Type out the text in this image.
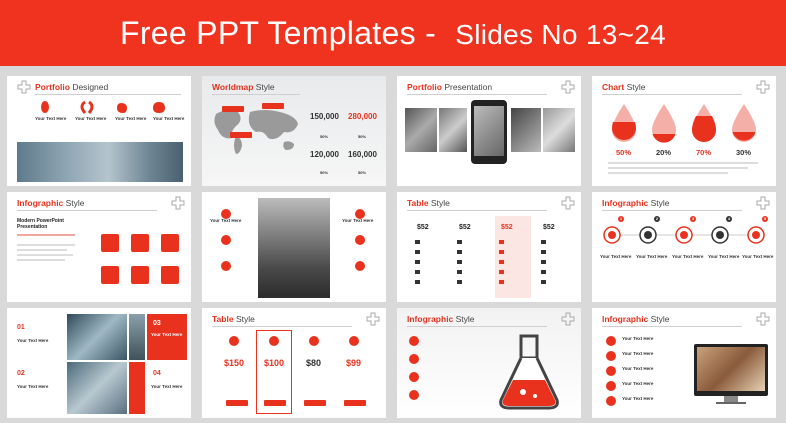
Free PPT Templates - Slides No 13~24
Portfolio Designed
Your Text Here Your Text Here Your Text Here Your Text Here
Worldmap Style
150,000 280,000
120,000 160,000
50%	50%
50%	50%
Portfolio Presentation	Chart Style
50%	20%	70%	30%
Infographic Style
Modern PowerPoint Presentation
Your Text Here	Your Text Here
Table Style
$52	$52	$52	$52
Infographic Style
1	2	3	4	5
Your Text Here Your Text Here Your Text Here Your Text Here Your Text Here
01
03
02	04
Your Text Here
Your Text Here
Your Text Here	Your Text Here
Table Style
$150 $100 $80	$99
Infographic Style	Infographic Style
Your Text Here
Your Text Here
Your Text Here
Your Text Here
Your Text Here
